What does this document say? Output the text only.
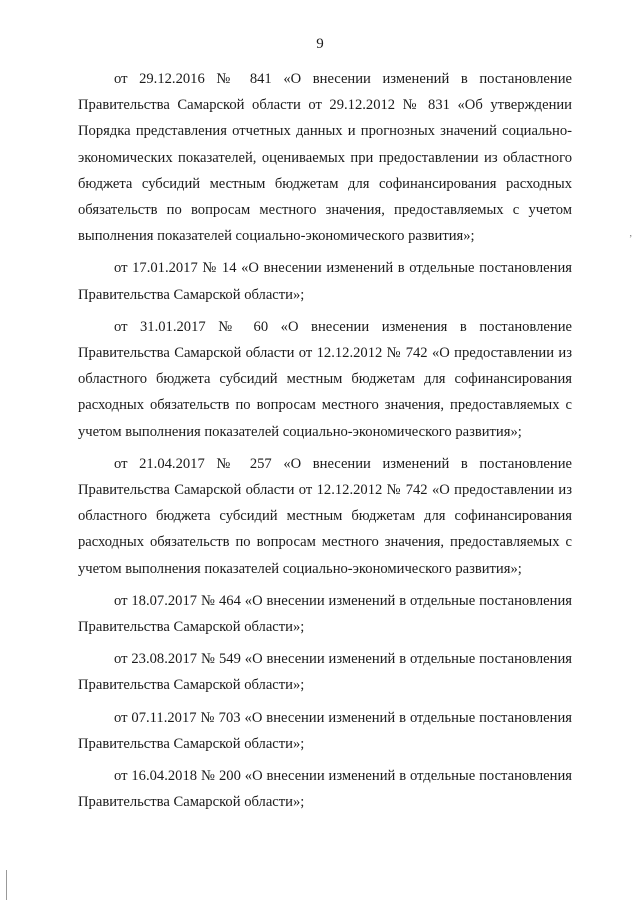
9

от 29.12.2016 № 841 «О внесении изменений в постановление Правительства Самарской области от 29.12.2012 № 831 «Об утверждении Порядка представления отчетных данных и прогнозных значений социально-экономических показателей, оцениваемых при предоставлении из областного бюджета субсидий местным бюджетам для софинансирования расходных обязательств по вопросам местного значения, предоставляемых с учетом выполнения показателей социально-экономического развития»;

от 17.01.2017 № 14 «О внесении изменений в отдельные постановления Правительства Самарской области»;

от 31.01.2017 № 60 «О внесении изменения в постановление Правительства Самарской области от 12.12.2012 № 742 «О предоставлении из областного бюджета субсидий местным бюджетам для софинансирования расходных обязательств по вопросам местного значения, предоставляемых с учетом выполнения показателей социально-экономического развития»;

от 21.04.2017 № 257 «О внесении изменений в постановление Правительства Самарской области от 12.12.2012 № 742 «О предоставлении из областного бюджета субсидий местным бюджетам для софинансирования расходных обязательств по вопросам местного значения, предоставляемых с учетом выполнения показателей социально-экономического развития»;

от 18.07.2017 № 464 «О внесении изменений в отдельные постановления Правительства Самарской области»;

от 23.08.2017 № 549 «О внесении изменений в отдельные постановления Правительства Самарской области»;

от 07.11.2017 № 703 «О внесении изменений в отдельные постановления Правительства Самарской области»;

от 16.04.2018 № 200 «О внесении изменений в отдельные постановления Правительства Самарской области»;

,
